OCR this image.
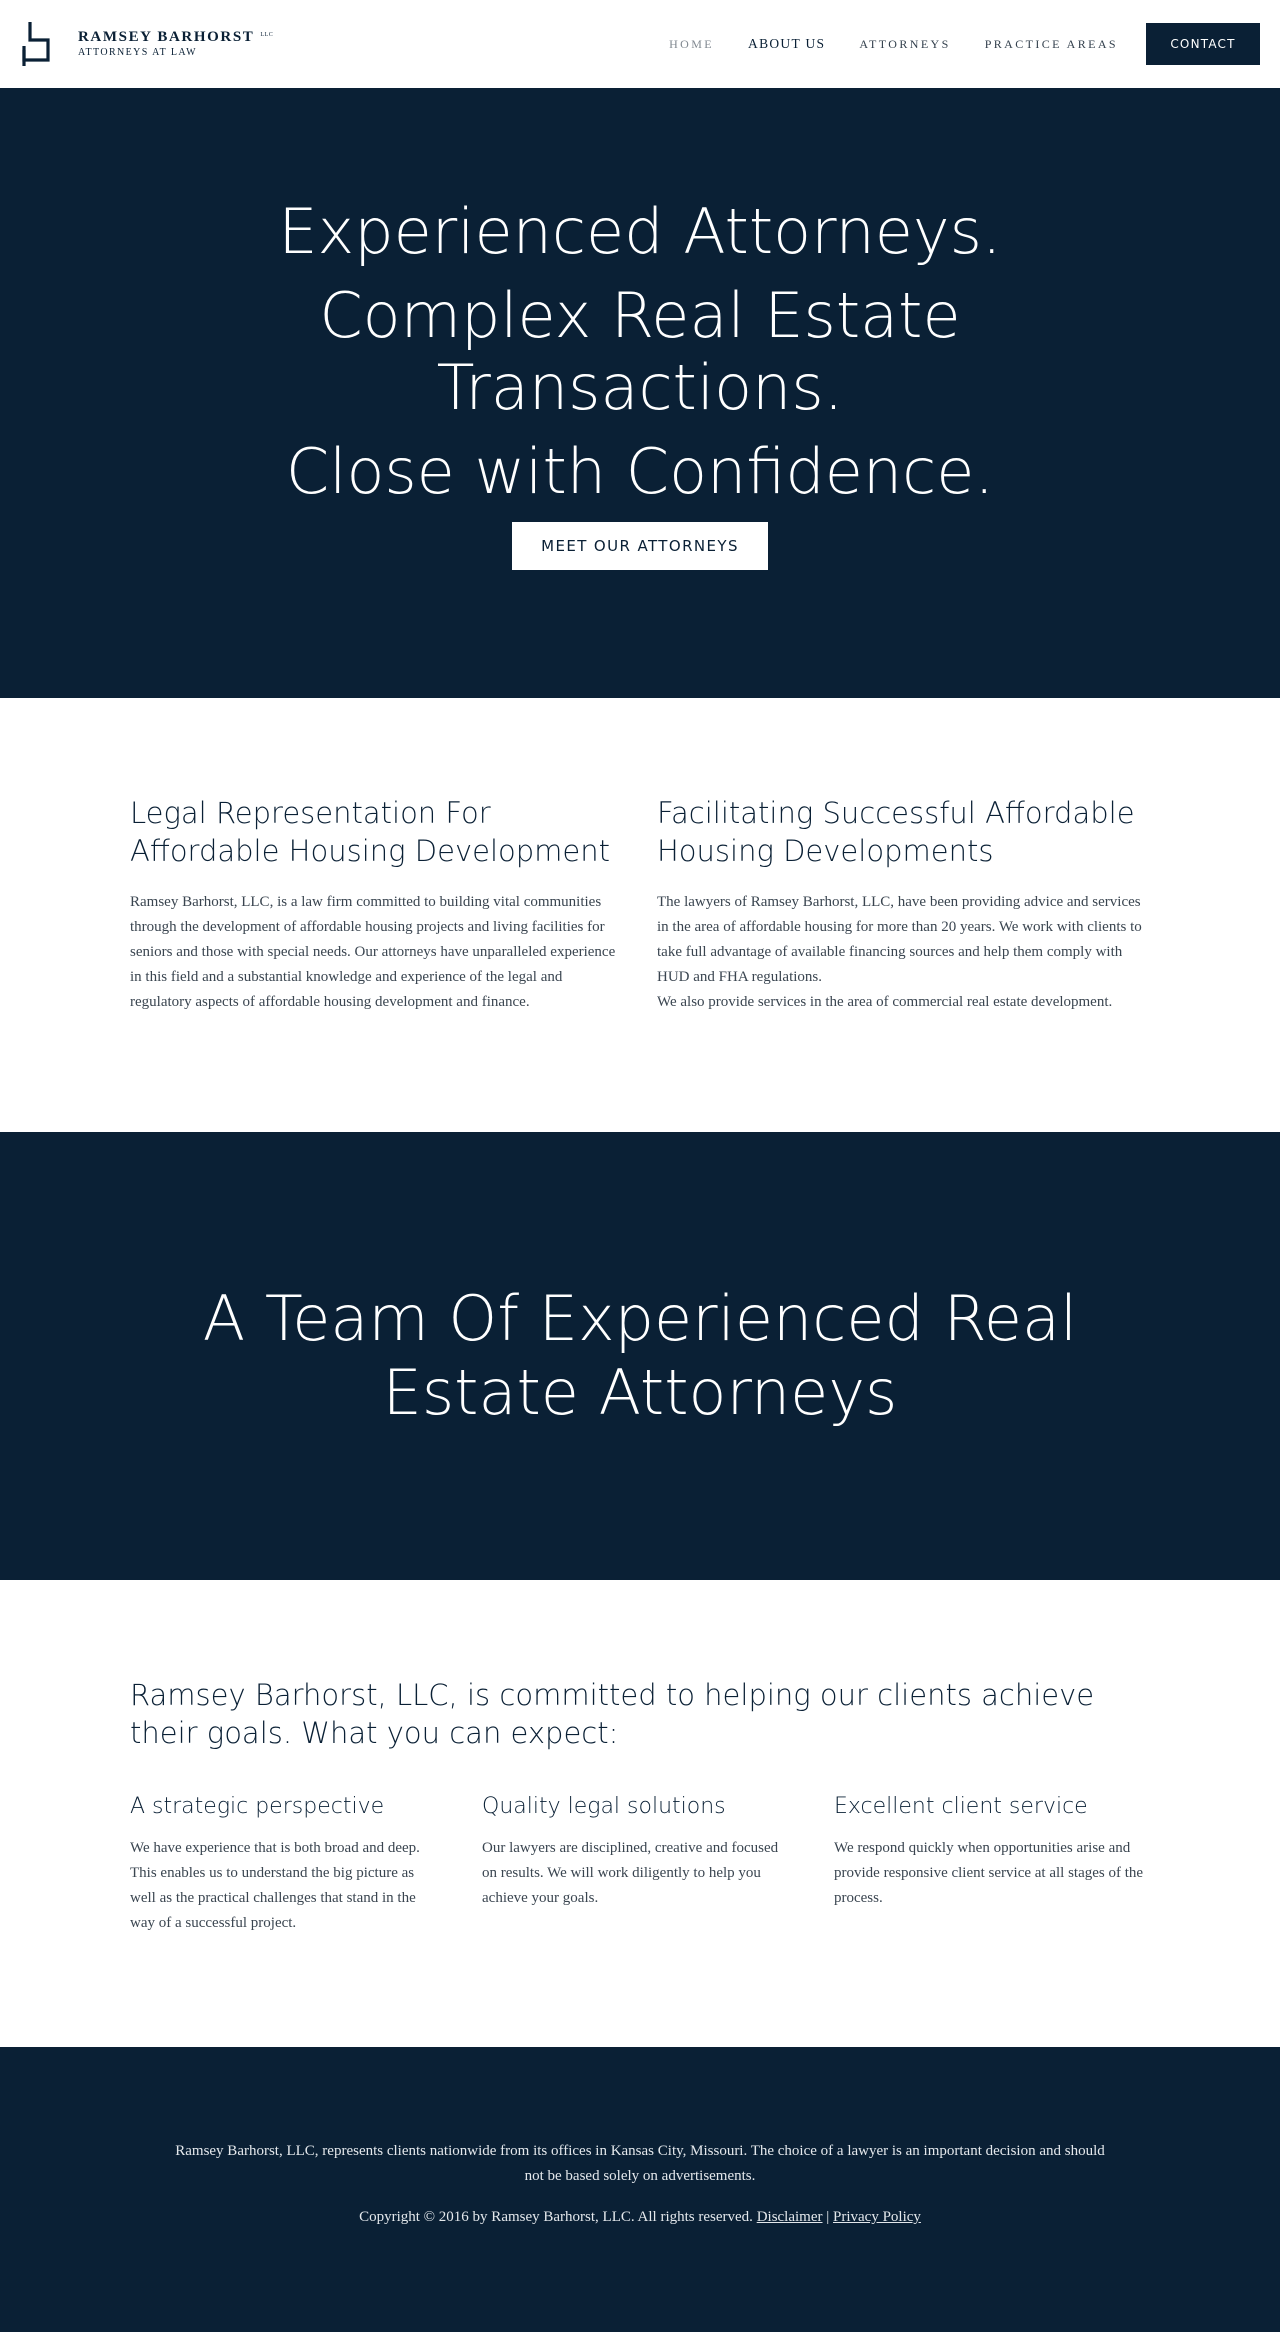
RAMSEY BARHORST LLC
ATTORNEYS AT LAW
HOME	ABOUT US	ATTORNEYS	PRACTICE AREAS	CONTACT
Experienced Attorneys.
Complex Real Estate Transactions.
Close with Confidence.
MEET OUR ATTORNEYS
Legal Representation For Affordable Housing Development

Ramsey Barhorst, LLC, is a law firm committed to building vital communities through the development of affordable housing projects and living facilities for seniors and those with special needs. Our attorneys have unparalleled experience in this field and a substantial knowledge and experience of the legal and regulatory aspects of affordable housing development and finance.

Facilitating Successful Affordable Housing Developments

The lawyers of Ramsey Barhorst, LLC, have been providing advice and services in the area of affordable housing for more than 20 years. We work with clients to take full advantage of available financing sources and help them comply with HUD and FHA regulations.

We also provide services in the area of commercial real estate development.

A Team Of Experienced Real Estate Attorneys
Ramsey Barhorst, LLC, is committed to helping our clients achieve their goals. What you can expect:
A strategic perspective

We have experience that is both broad and deep. This enables us to understand the big picture as well as the practical challenges that stand in the way of a successful project.

Quality legal solutions

Our lawyers are disciplined, creative and focused on results. We will work diligently to help you achieve your goals.

Excellent client service

We respond quickly when opportunities arise and provide responsive client service at all stages of the process.

Ramsey Barhorst, LLC, represents clients nationwide from its offices in Kansas City, Missouri. The choice of a lawyer is an important decision and should not be based solely on advertisements.

Copyright © 2016 by Ramsey Barhorst, LLC. All rights reserved. Disclaimer | Privacy Policy
